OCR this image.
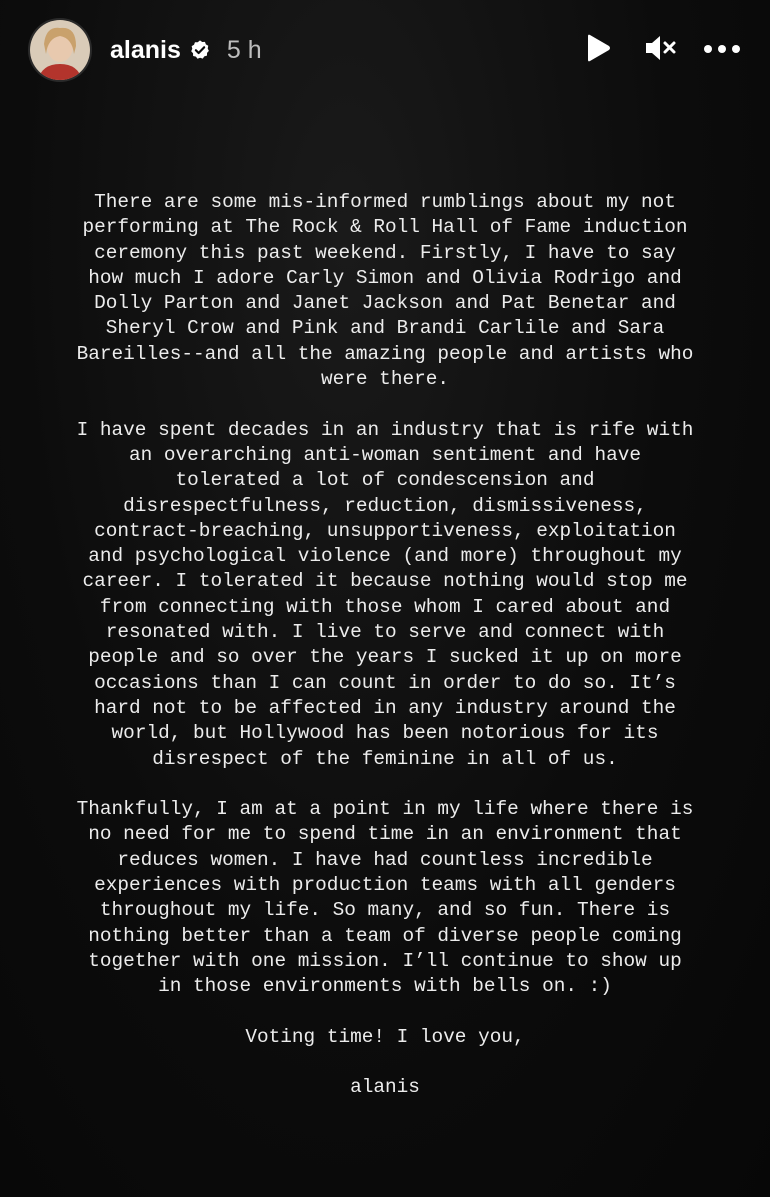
alanis 5 h
There are some mis-informed rumblings about my not
performing at The Rock & Roll Hall of Fame induction
ceremony this past weekend. Firstly, I have to say
how much I adore Carly Simon and Olivia Rodrigo and
Dolly Parton and Janet Jackson and Pat Benetar and
Sheryl Crow and Pink and Brandi Carlile and Sara
Bareilles--and all the amazing people and artists who
were there.
I have spent decades in an industry that is rife with
an overarching anti-woman sentiment and have
tolerated a lot of condescension and
disrespectfulness, reduction, dismissiveness,
contract-breaching, unsupportiveness, exploitation
and psychological violence (and more) throughout my
career. I tolerated it because nothing would stop me
from connecting with those whom I cared about and
resonated with. I live to serve and connect with
people and so over the years I sucked it up on more
occasions than I can count in order to do so. It’s
hard not to be affected in any industry around the
world, but Hollywood has been notorious for its
disrespect of the feminine in all of us.
Thankfully, I am at a point in my life where there is
no need for me to spend time in an environment that
reduces women. I have had countless incredible
experiences with production teams with all genders
throughout my life. So many, and so fun. There is
nothing better than a team of diverse people coming
together with one mission. I’ll continue to show up
in those environments with bells on. :)
Voting time! I love you,
alanis
